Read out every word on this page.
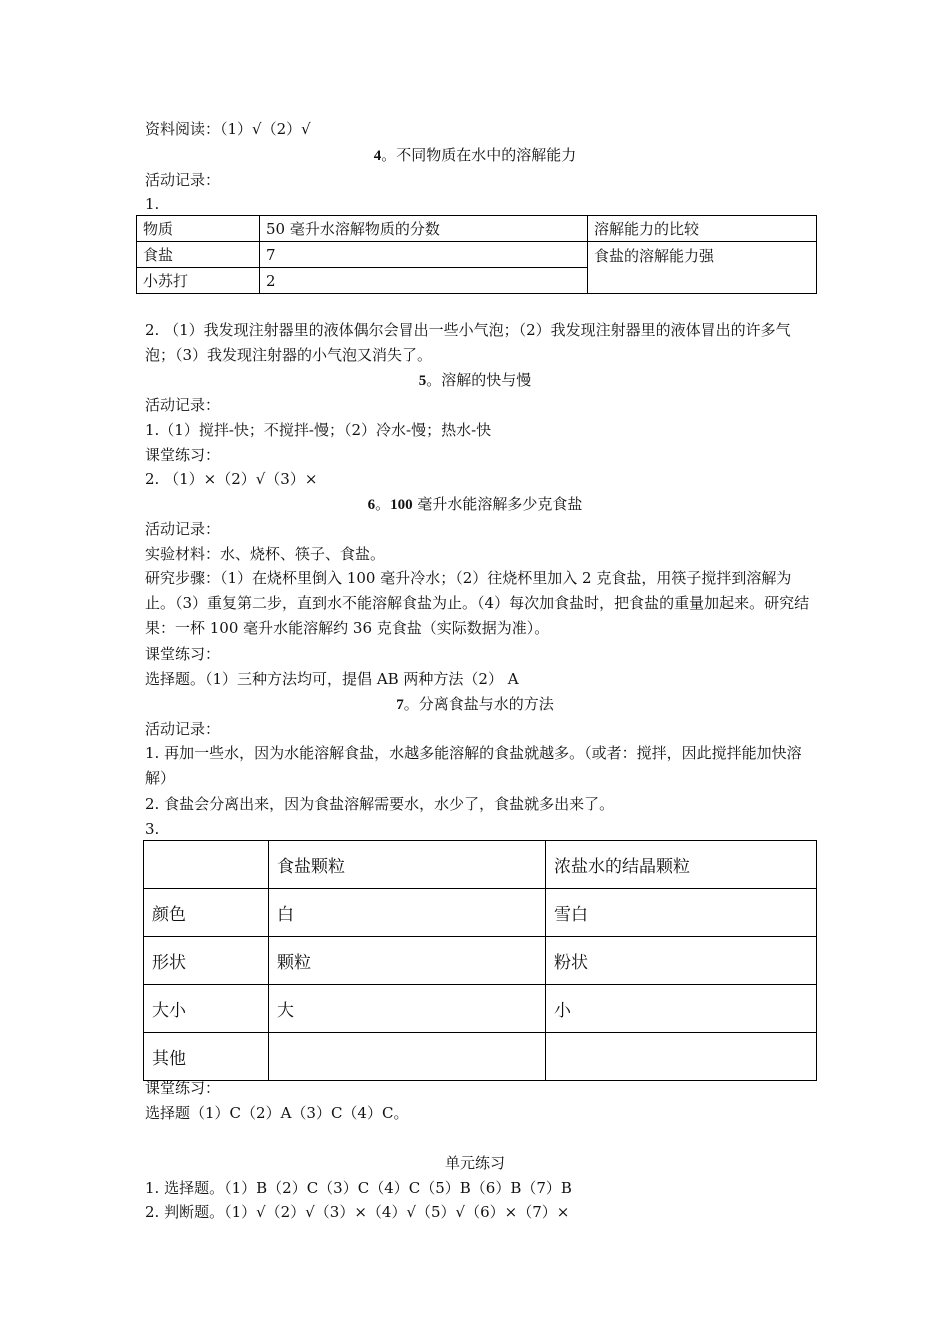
资料阅读：（1）√（2）√
4。不同物质在水中的溶解能力
活动记录：
1.
物质	50 毫升水溶解物质的分数	溶解能力的比较
食盐	7	食盐的溶解能力强
小苏打	2	
2. （1）我发现注射器里的液体偶尔会冒出一些小气泡；（2）我发现注射器里的液体冒出的许多气泡；（3）我发现注射器的小气泡又消失了。
5。溶解的快与慢
活动记录：
1.（1）搅拌-快；不搅拌-慢；（2）冷水-慢；热水-快
课堂练习：
2. （1）×（2）√（3）×
6。100 毫升水能溶解多少克食盐
活动记录：
实验材料：水、烧杯、筷子、食盐。
研究步骤：（1）在烧杯里倒入 100 毫升冷水；（2）往烧杯里加入 2 克食盐，用筷子搅拌到溶解为止。（3）重复第二步，直到水不能溶解食盐为止。（4）每次加食盐时，把食盐的重量加起来。研究结果：一杯 100 毫升水能溶解约 36 克食盐（实际数据为准）。
课堂练习：
选择题。（1）三种方法均可，提倡 AB 两种方法（2） A
7。分离食盐与水的方法
活动记录：
1. 再加一些水，因为水能溶解食盐，水越多能溶解的食盐就越多。（或者：搅拌，因此搅拌能加快溶解）
2. 食盐会分离出来，因为食盐溶解需要水，水少了，食盐就多出来了。
3.
	食盐颗粒	浓盐水的结晶颗粒
颜色	白	雪白
形状	颗粒	粉状
大小	大	小
其他		
课堂练习：
选择题（1）C（2）A（3）C（4）C。
单元练习
1. 选择题。（1）B（2）C（3）C（4）C（5）B（6）B（7）B
2. 判断题。（1）√（2）√（3）×（4）√（5）√（6）×（7）×
